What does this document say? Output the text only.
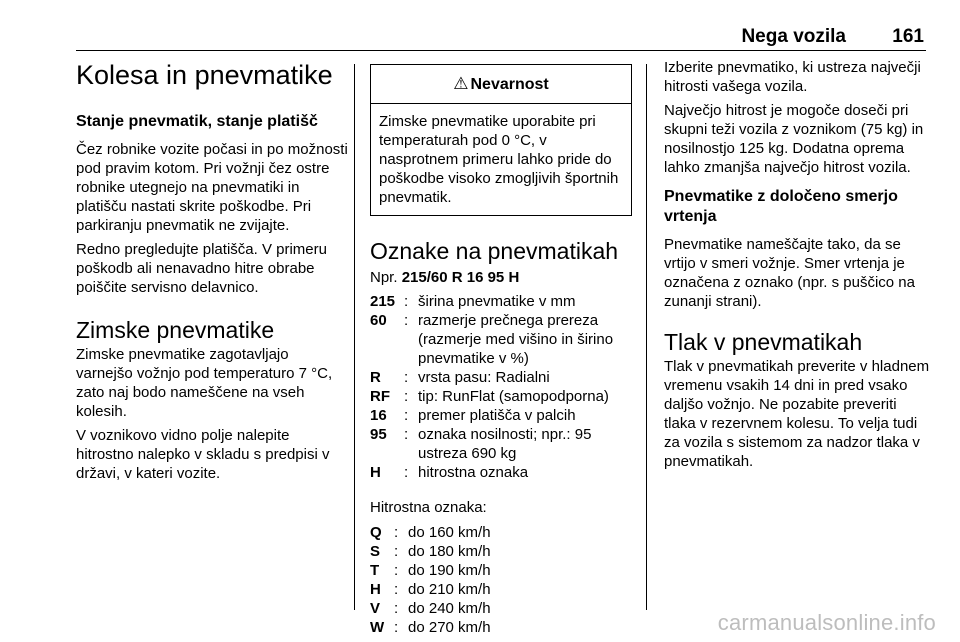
Nega vozila 161
Kolesa in pnevmatike
Stanje pnevmatik, stanje platišč

Čez robnike vozite počasi in po možnosti pod pravim kotom. Pri vožnji čez ostre robnike utegnejo na pnevmatiki in platišču nastati skrite poškodbe. Pri parkiranju pnevmatik ne zvijajte.

Redno pregledujte platišča. V primeru poškodb ali nenavadno hitre obrabe poiščite servisno delavnico.

Zimske pnevmatike

Zimske pnevmatike zagotavljajo varnejšo vožnjo pod temperaturo 7 °C, zato naj bodo nameščene na vseh kolesih.

V voznikovo vidno polje nalepite hitrostno nalepko v skladu s predpisi v državi, v kateri vozite.

⚠ Nevarnost
Zimske pnevmatike uporabite pri temperaturah pod 0 °C, v nasprotnem primeru lahko pride do poškodbe visoko zmogljivih športnih pnevmatik.
Oznake na pnevmatikah

Npr. 215/60 R 16 95 H

215 : širina pnevmatike v mm
60	: razmerje prečnega prereza (razmerje med višino in širino pnevmatike v %)
R	: vrsta pasu: Radialni
RF : tip: RunFlat (samopodporna)
16	: premer platišča v palcih
95	: oznaka nosilnosti; npr.: 95 ustreza 690 kg
H	: hitrostna oznaka

Hitrostna oznaka:

Q : do 160 km/h
S : do 180 km/h
T : do 190 km/h
H : do 210 km/h
V : do 240 km/h
W : do 270 km/h

Izberite pnevmatiko, ki ustreza največji hitrosti vašega vozila.

Največjo hitrost je mogoče doseči pri skupni teži vozila z voznikom (75 kg) in nosilnostjo 125 kg. Dodatna oprema lahko zmanjša največjo hitrost vozila.

Pnevmatike z določeno smerjo vrtenja

Pnevmatike nameščajte tako, da se vrtijo v smeri vožnje. Smer vrtenja je označena z oznako (npr. s puščico na zunanji strani).

Tlak v pnevmatikah

Tlak v pnevmatikah preverite v hladnem vremenu vsakih 14 dni in pred vsako daljšo vožnjo. Ne pozabite preveriti tlaka v rezervnem kolesu. To velja tudi za vozila s sistemom za nadzor tlaka v pnevmatikah.

carmanualsonline.info
